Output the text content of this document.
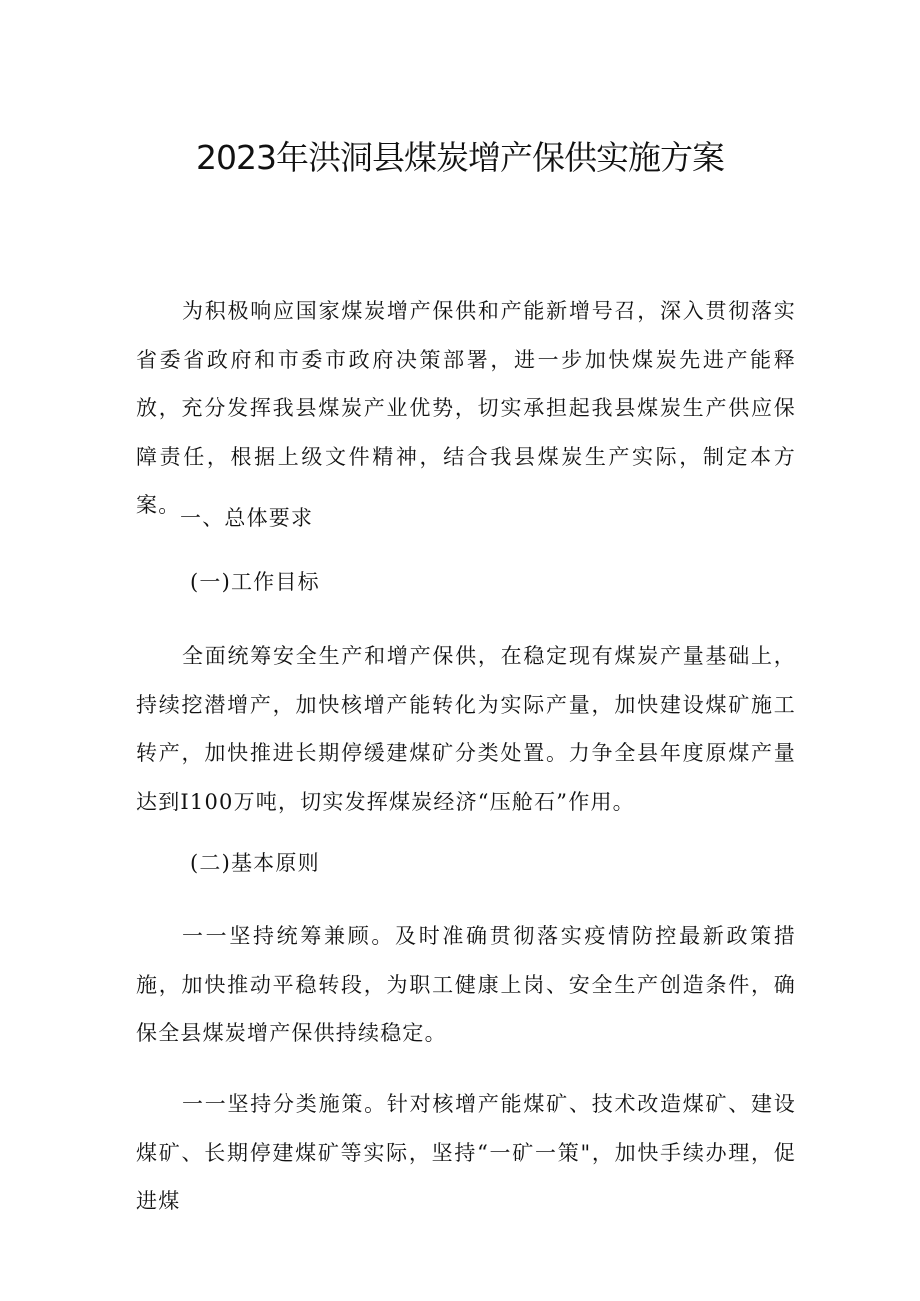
2023年洪洞县煤炭增产保供实施方案

为积极响应国家煤炭增产保供和产能新增号召，深入贯彻落实省委省政府和市委市政府决策部署，进一步加快煤炭先进产能释放，充分发挥我县煤炭产业优势，切实承担起我县煤炭生产供应保障责任，根据上级文件精神，结合我县煤炭生产实际，制定本方案。

一、总体要求
(一)工作目标

全面统筹安全生产和增产保供，在稳定现有煤炭产量基础上，持续挖潜增产，加快核增产能转化为实际产量，加快建设煤矿施工转产，加快推进长期停缓建煤矿分类处置。力争全县年度原煤产量达到I100万吨，切实发挥煤炭经济“压舱石”作用。

(二)基本原则

一一坚持统筹兼顾。及时准确贯彻落实疫情防控最新政策措施，加快推动平稳转段，为职工健康上岗、安全生产创造条件，确保全县煤炭增产保供持续稳定。

一一坚持分类施策。针对核增产能煤矿、技术改造煤矿、建设煤矿、长期停建煤矿等实际，坚持“一矿一策"，加快手续办理，促进煤
